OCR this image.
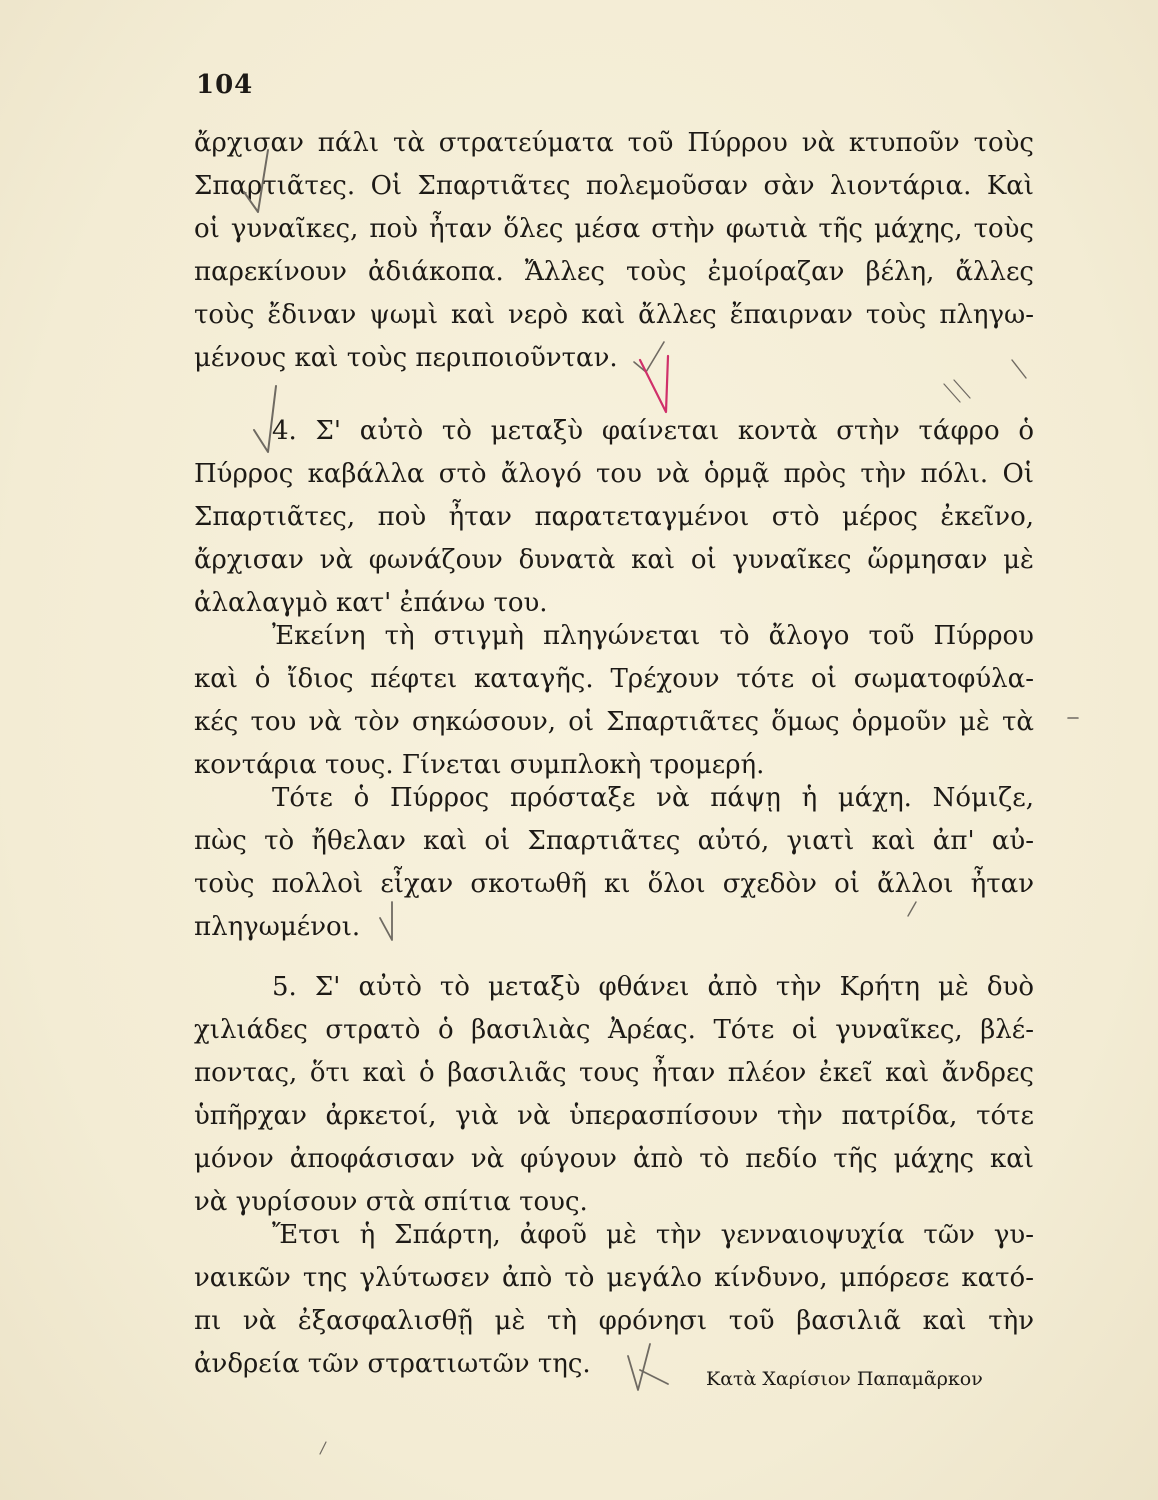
104
ἄρχισαν πάλι τὰ στρατεύματα τοῦ Πύρρου νὰ κτυποῦν τοὺς
Σπαρτιᾶτες. Οἱ Σπαρτιᾶτες πολεμοῦσαν σὰν λιοντάρια. Καὶ
οἱ γυναῖκες, ποὺ ἦταν ὅλες μέσα στὴν φωτιὰ τῆς μάχης, τοὺς
παρεκίνουν ἀδιάκοπα. Ἄλλες τοὺς ἐμοίραζαν βέλη, ἄλλες
τοὺς ἔδιναν ψωμὶ καὶ νερὸ καὶ ἄλλες ἔπαιρναν τοὺς πληγω-
μένους καὶ τοὺς περιποιοῦνταν.
4. Σ' αὐτὸ τὸ μεταξὺ φαίνεται κοντὰ στὴν τάφρο ὁ
Πύρρος καβάλλα στὸ ἄλογό του νὰ ὁρμᾷ πρὸς τὴν πόλι. Οἱ
Σπαρτιᾶτες, ποὺ ἦταν παρατεταγμένοι στὸ μέρος ἐκεῖνο,
ἄρχισαν νὰ φωνάζουν δυνατὰ καὶ οἱ γυναῖκες ὥρμησαν μὲ
ἀλαλαγμὸ κατ' ἐπάνω του.
Ἐκείνη τὴ στιγμὴ πληγώνεται τὸ ἄλογο τοῦ Πύρρου
καὶ ὁ ἴδιος πέφτει καταγῆς. Τρέχουν τότε οἱ σωματοφύλα-
κές του νὰ τὸν σηκώσουν, οἱ Σπαρτιᾶτες ὅμως ὁρμοῦν μὲ τὰ
κοντάρια τους. Γίνεται συμπλοκὴ τρομερή.
Τότε ὁ Πύρρος πρόσταξε νὰ πάψῃ ἡ μάχη. Νόμιζε,
πὼς τὸ ἤθελαν καὶ οἱ Σπαρτιᾶτες αὐτό, γιατὶ καὶ ἀπ' αὐ-
τοὺς πολλοὶ εἶχαν σκοτωθῆ κι ὅλοι σχεδὸν οἱ ἄλλοι ἦταν
πληγωμένοι.
5. Σ' αὐτὸ τὸ μεταξὺ φθάνει ἀπὸ τὴν Κρήτη μὲ δυὸ
χιλιάδες στρατὸ ὁ βασιλιὰς Ἀρέας. Τότε οἱ γυναῖκες, βλέ-
ποντας, ὅτι καὶ ὁ βασιλιᾶς τους ἦταν πλέον ἐκεῖ καὶ ἄνδρες
ὑπῆρχαν ἀρκετοί, γιὰ νὰ ὑπερασπίσουν τὴν πατρίδα, τότε
μόνον ἀποφάσισαν νὰ φύγουν ἀπὸ τὸ πεδίο τῆς μάχης καὶ
νὰ γυρίσουν στὰ σπίτια τους.
Ἔτσι ἡ Σπάρτη, ἀφοῦ μὲ τὴν γενναιοψυχία τῶν γυ-
ναικῶν της γλύτωσεν ἀπὸ τὸ μεγάλο κίνδυνο, μπόρεσε κατό-
πι νὰ ἐξασφαλισθῇ μὲ τὴ φρόνησι τοῦ βασιλιᾶ καὶ τὴν
ἀνδρεία τῶν στρατιωτῶν της.	Κατὰ Χαρίσιον Παπαμᾶρκον
